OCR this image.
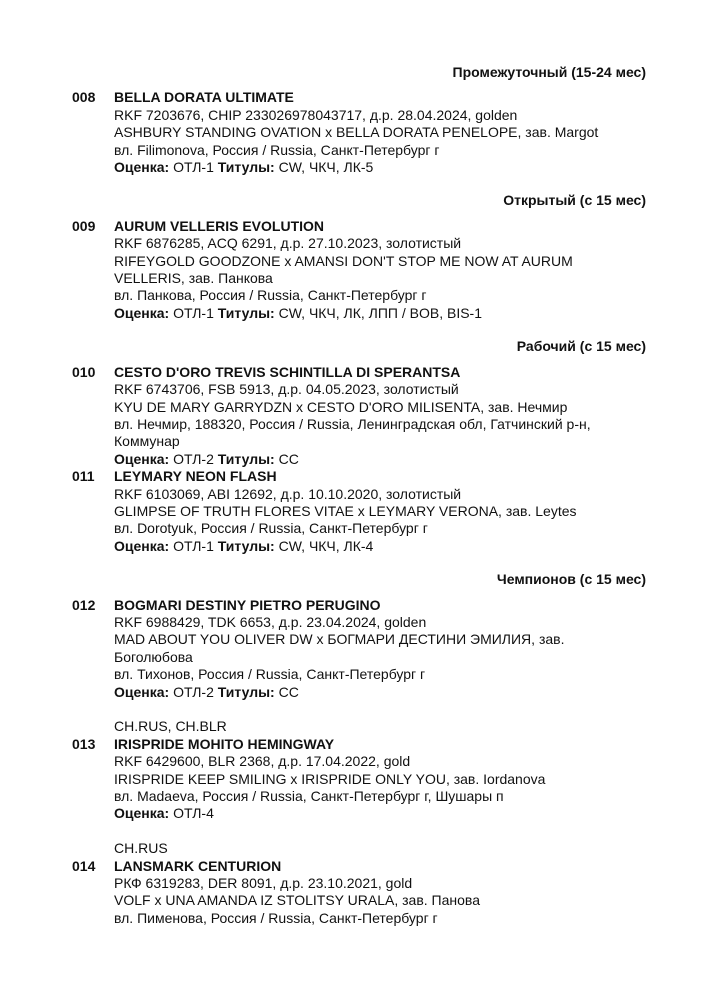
Промежуточный (15-24 мес)
008	BELLA DORATA ULTIMATE
RKF 7203676, CHIP 233026978043717, д.р. 28.04.2024, golden
ASHBURY STANDING OVATION x BELLA DORATA PENELOPE, зав. Margot
вл. Filimonova, Россия / Russia, Санкт-Петербург г
Оценка: ОТЛ-1 Титулы: CW, ЧКЧ, ЛК-5
Открытый (с 15 мес)
009	AURUM VELLERIS EVOLUTION
RKF 6876285, ACQ 6291, д.р. 27.10.2023, золотистый
RIFEYGOLD GOODZONE x AMANSI DON'T STOP ME NOW AT AURUM VELLERIS, зав. Панкова
вл. Панкова, Россия / Russia, Санкт-Петербург г
Оценка: ОТЛ-1 Титулы: CW, ЧКЧ, ЛК, ЛПП / BOB, BIS-1
Рабочий (с 15 мес)
010	CESTO D'ORO TREVIS SCHINTILLA DI SPERANTSA
RKF 6743706, FSB 5913, д.р. 04.05.2023, золотистый
KYU DE MARY GARRYDZN x CESTO D'ORO MILISENTA, зав. Нечмир
вл. Нечмир, 188320, Россия / Russia, Ленинградская обл, Гатчинский р-н, Коммунар
Оценка: ОТЛ-2 Титулы: CC
011	LEYMARY NEON FLASH
RKF 6103069, ABI 12692, д.р. 10.10.2020, золотистый
GLIMPSE OF TRUTH FLORES VITAE x LEYMARY VERONA, зав. Leytes
вл. Dorotyuk, Россия / Russia, Санкт-Петербург г
Оценка: ОТЛ-1 Титулы: CW, ЧКЧ, ЛК-4
Чемпионов (с 15 мес)
012	BOGMARI DESTINY PIETRO PERUGINO
RKF 6988429, TDK 6653, д.р. 23.04.2024, golden
MAD ABOUT YOU OLIVER DW x БОГМАРИ ДЕСТИНИ ЭМИЛИЯ, зав. Боголюбова
вл. Тихонов, Россия / Russia, Санкт-Петербург г
Оценка: ОТЛ-2 Титулы: CC
CH.RUS, CH.BLR
013	IRISPRIDE MOHITO HEMINGWAY
RKF 6429600, BLR 2368, д.р. 17.04.2022, gold
IRISPRIDE KEEP SMILING x IRISPRIDE ONLY YOU, зав. Iordanova
вл. Madaeva, Россия / Russia, Санкт-Петербург г, Шушары п
Оценка: ОТЛ-4
CH.RUS
014	LANSMARK CENTURION
РКФ 6319283, DER 8091, д.р. 23.10.2021, gold
VOLF x UNA AMANDA IZ STOLITSY URALA, зав. Панова
вл. Пименова, Россия / Russia, Санкт-Петербург г
